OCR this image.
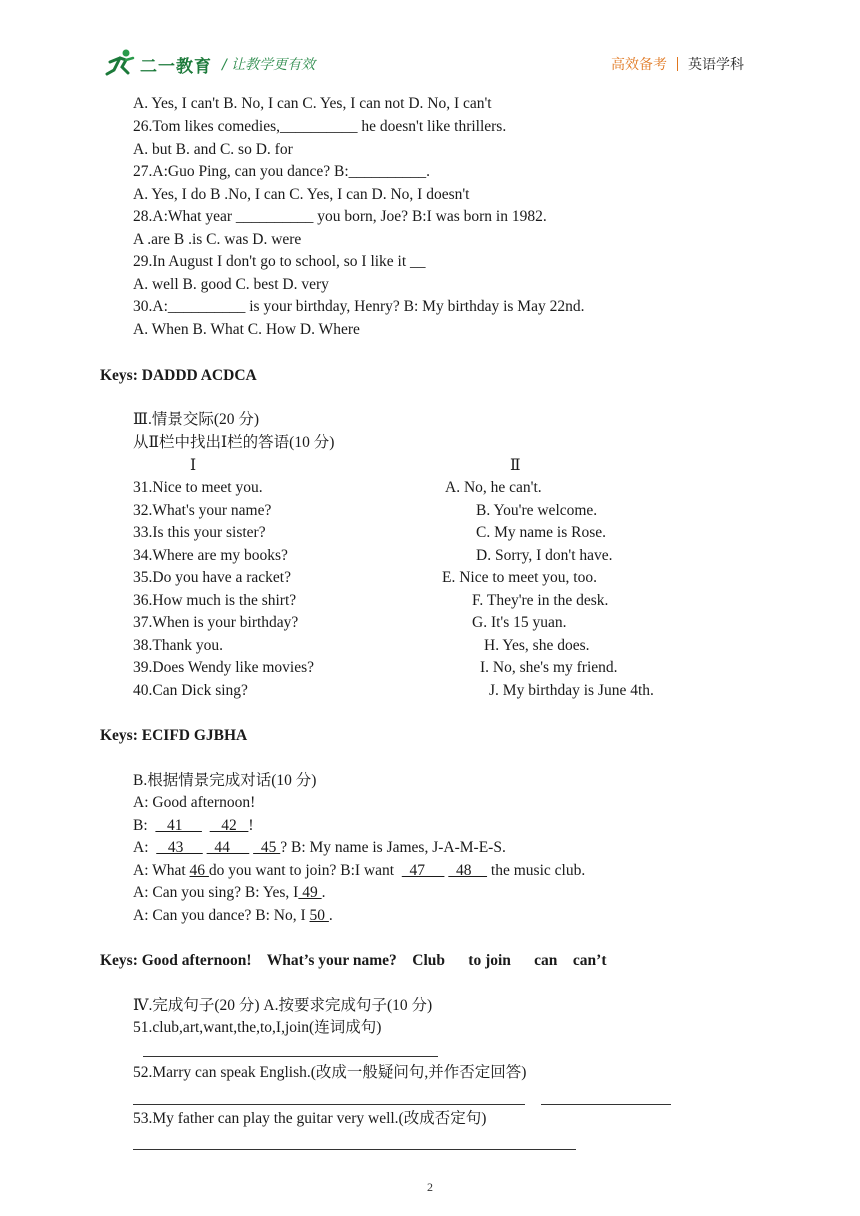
二一教育 / 让教学更有效	高效备考 英语学科
A. Yes, I can't B. No, I can C. Yes, I can not D. No, I can't
26.Tom likes comedies,__________ he doesn't like thrillers.
A. but B. and C. so D. for
27.A:Guo Ping, can you dance? B:__________.
A. Yes, I do B .No, I can C. Yes, I can D. No, I doesn't
28.A:What year __________ you born, Joe? B:I was born in 1982.
A .are B .is C. was D. were
29.In August I don't go to school, so I like it __
A. well B. good C. best D. very
30.A:__________ is your birthday, Henry? B: My birthday is May 22nd.
A. When B. What C. How D. Where
Keys: DADDD ACDCA
Ⅲ.情景交际(20 分)
从Ⅱ栏中找出Ⅰ栏的答语(10 分)
Ⅰ	Ⅱ
31.Nice to meet you.
32.What's your name?
33.Is this your sister?
34.Where are my books?
35.Do you have a racket?
36.How much is the shirt?
37.When is your birthday?
38.Thank you.
39.Does Wendy like movies?
40.Can Dick sing?
A. No, he can't.
B. You're welcome.
C. My name is Rose.
D. Sorry, I don't have.
E. Nice to meet you, too.
F. They're in the desk.
G. It's 15 yuan.
H. Yes, she does.
I. No, she's my friend.
J. My birthday is June 4th.
Keys: ECIFD GJBHA
B.根据情景完成对话(10 分)
A: Good afternoon!
B:     41          42   !
A:     43        44        45 ? B: My name is James, J-A-M-E-S.
A: What 46 do you want to join? B:I want    47        48     the music club.
A: Can you sing? B: Yes, I 49 .
A: Can you dance? B: No, I 50 .
Keys: Good afternoon!    What’s your name?    Club      to join      can    can’t
Ⅳ.完成句子(20 分) A.按要求完成句子(10 分)
51.club,art,want,the,to,I,join(连词成句)
52.Marry can speak English.(改成一般疑问句,并作否定回答)
53.My father can play the guitar very well.(改成否定句)
2
